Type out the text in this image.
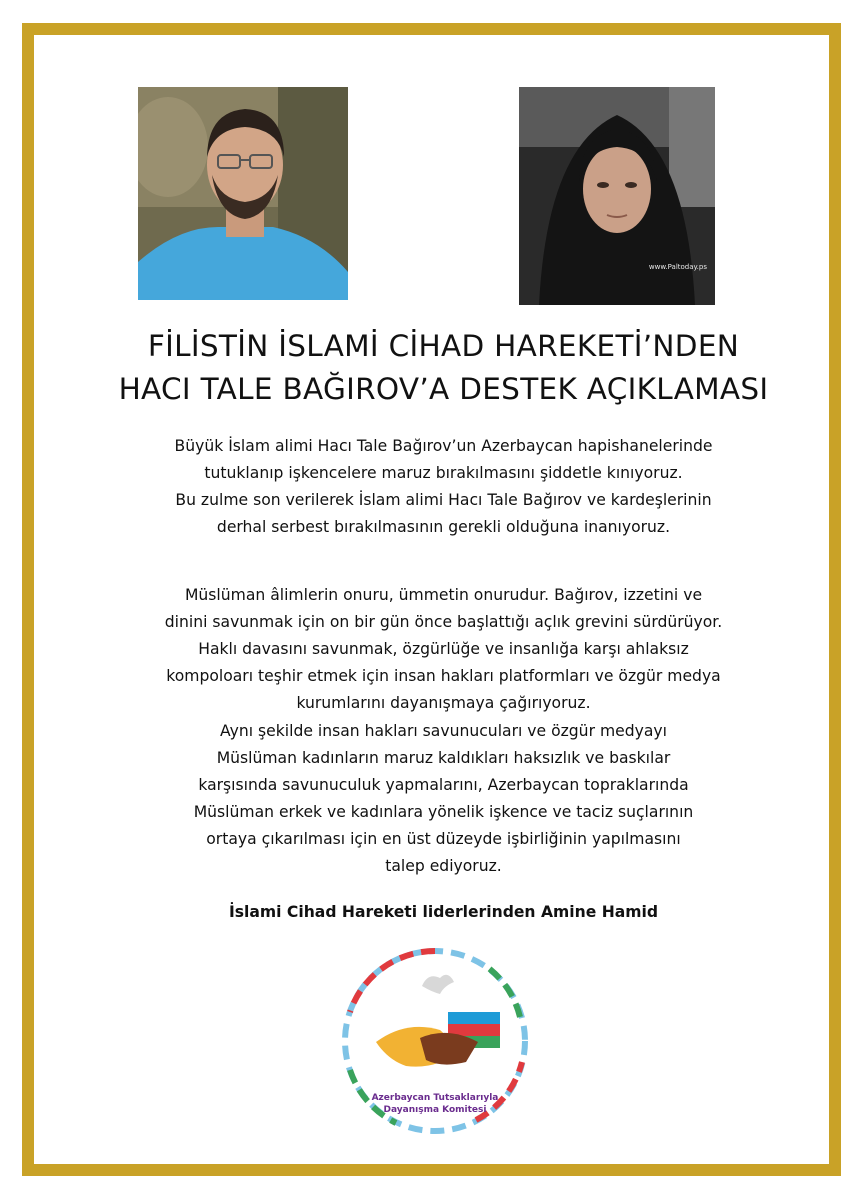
www.Paltoday.ps
FİLİSTİN İSLAMİ CİHAD HAREKETİ’NDEN
HACI TALE BAĞIROV’A DESTEK AÇIKLAMASI
Büyük İslam alimi Hacı Tale Bağırov’un Azerbaycan hapishanelerinde
tutuklanıp işkencelere maruz bırakılmasını şiddetle kınıyoruz.
Bu zulme son verilerek İslam alimi Hacı Tale Bağırov ve kardeşlerinin
derhal serbest bırakılmasının gerekli olduğuna inanıyoruz.
Müslüman âlimlerin onuru, ümmetin onurudur. Bağırov, izzetini ve
dinini savunmak için on bir gün önce başlattığı açlık grevini sürdürüyor.
Haklı davasını savunmak, özgürlüğe ve insanlığa karşı ahlaksız
kompoloarı teşhir etmek için insan hakları platformları ve özgür medya
kurumlarını dayanışmaya çağırıyoruz.
Aynı şekilde insan hakları savunucuları ve özgür medyayı
Müslüman kadınların maruz kaldıkları haksızlık ve baskılar
karşısında savunuculuk yapmalarını, Azerbaycan topraklarında
Müslüman erkek ve kadınlara yönelik işkence ve taciz suçlarının
ortaya çıkarılması için en üst düzeyde işbirliğinin yapılmasını
talep ediyoruz.
İslami Cihad Hareketi liderlerinden Amine Hamid
Azerbaycan Tutsaklarıyla
Dayanışma Komitesi
